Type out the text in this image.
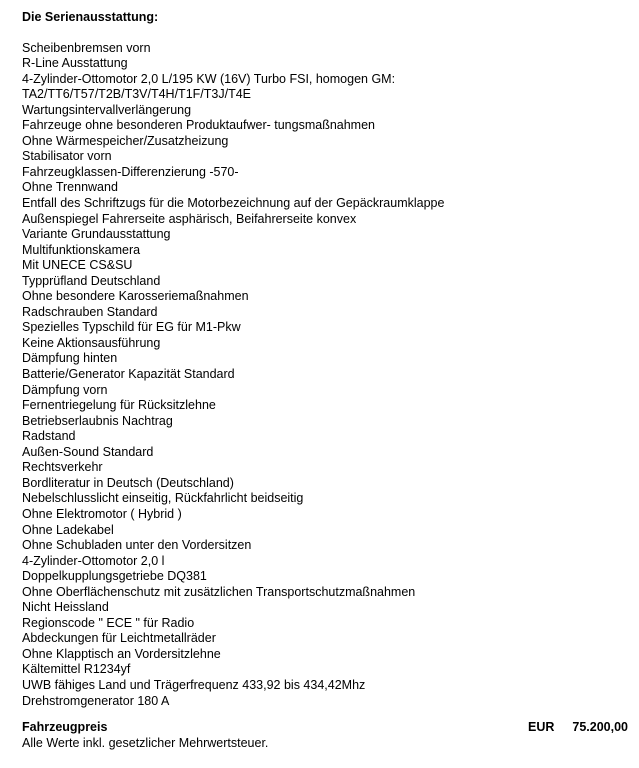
Die Serienausstattung:
Scheibenbremsen vorn
R-Line Ausstattung
4-Zylinder-Ottomotor 2,0 L/195 KW (16V) Turbo FSI, homogen GM:
TA2/TT6/T57/T2B/T3V/T4H/T1F/T3J/T4E
Wartungsintervallverlängerung
Fahrzeuge ohne besonderen Produktaufwer- tungsmaßnahmen
Ohne Wärmespeicher/Zusatzheizung
Stabilisator vorn
Fahrzeugklassen-Differenzierung -570-
Ohne Trennwand
Entfall des Schriftzugs für die Motorbezeichnung auf der Gepäckraumklappe
Außenspiegel Fahrerseite asphärisch, Beifahrerseite konvex
Variante Grundausstattung
Multifunktionskamera
Mit UNECE CS&SU
Typprüfland Deutschland
Ohne besondere Karosseriemaßnahmen
Radschrauben Standard
Spezielles Typschild für EG für M1-Pkw
Keine Aktionsausführung
Dämpfung hinten
Batterie/Generator Kapazität Standard
Dämpfung vorn
Fernentriegelung für Rücksitzlehne
Betriebserlaubnis Nachtrag
Radstand
Außen-Sound Standard
Rechtsverkehr
Bordliteratur in Deutsch (Deutschland)
Nebelschlusslicht einseitig, Rückfahrlicht beidseitig
Ohne Elektromotor ( Hybrid )
Ohne Ladekabel
Ohne Schubladen unter den Vordersitzen
4-Zylinder-Ottomotor 2,0 l
Doppelkupplungsgetriebe DQ381
Ohne Oberflächenschutz mit zusätzlichen Transportschutzmaßnahmen
Nicht Heissland
Regionscode " ECE " für Radio
Abdeckungen für Leichtmetallräder
Ohne Klapptisch an Vordersitzlehne
Kältemittel R1234yf
UWB fähiges Land und Trägerfrequenz 433,92 bis 434,42Mhz
Drehstromgenerator 180 A
Fahrzeugpreis	EUR 75.200,00
Alle Werte inkl. gesetzlicher Mehrwertsteuer.
